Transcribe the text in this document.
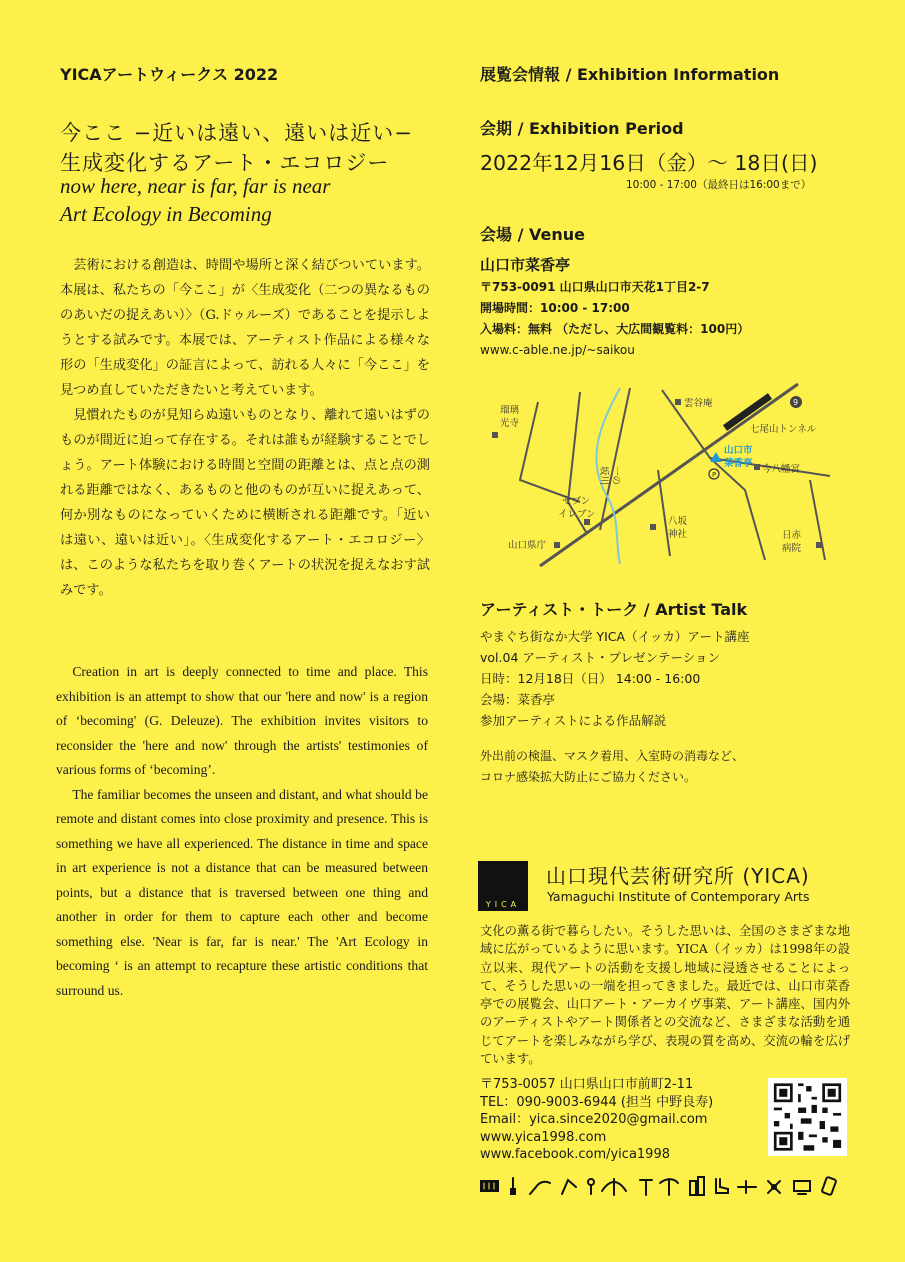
YICAアートウィークス 2022
今ここ −近いは遠い、遠いは近い−
生成変化するアート・エコロジー
now here, near is far, far is near
Art Ecology in Becoming

芸術における創造は、時間や場所と深く結びついています。本展は、私たちの「今ここ」が〈生成変化（二つの異なるもののあいだの捉えあい）〉（G.ドゥルーズ）であることを提示しようとする試みです。本展では、アーティスト作品による様々な形の「生成変化」の証言によって、訪れる人々に「今ここ」を見つめ直していただきたいと考えています。

見慣れたものが見知らぬ遠いものとなり、離れて遠いはずのものが間近に迫って存在する。それは誰もが経験することでしょう。アート体験における時間と空間の距離とは、点と点の測れる距離ではなく、あるものと他のものが互いに捉えあって、何か別なものになっていくために横断される距離です。「近いは遠い、遠いは近い」。〈生成変化するアート・エコロジー〉は、このような私たちを取り巻くアートの状況を捉えなおす試みです。

Creation in art is deeply connected to time and place. This exhibition is an attempt to show that our 'here and now' is a region of ‘becoming' (G. Deleuze). The exhibition invites visitors to reconsider the 'here and now' through the artists' testimonies of various forms of ‘becoming’.

The familiar becomes the unseen and distant, and what should be remote and distant comes into close proximity and presence. This is something we have all experienced. The distance in time and space in art experience is not a distance that can be measured between points, but a distance that is traversed between one thing and another in order for them to capture each other and become something else. 'Near is far, far is near.' The 'Art Ecology in becoming ‘ is an attempt to recapture these artistic conditions that surround us.

展覧会情報 / Exhibition Information
会期 / Exhibition Period
2022年12月16日（金）〜 18日(日)
10:00 - 17:00（最終日は16:00まで）
会場 / Venue
山口市菜香亭
〒753-0091 山口県山口市天花1丁目2-7
開場時間：10:00 - 17:00
入場料：無料 （ただし、大広間観覧料：100円）
www.c-able.ne.jp/~saikou
P
9
瑠璃
光寺
雲谷庵
七尾山トンネル
一の
坂川	今八幡宮
セブン
イレブン
八坂
神社
山口県庁
日赤
病院
山口市
菜香亭
アーティスト・トーク / Artist Talk
やまぐち街なか大学 YICA（イッカ）アート講座
vol.04 アーティスト・プレゼンテーション
日時：12月18日（日） 14:00 - 16:00
会場：菜香亭
参加アーティストによる作品解説
外出前の検温、マスク着用、入室時の消毒など、
コロナ感染拡大防止にご協力ください。
YICA
山口現代芸術研究所 (YICA)
Yamaguchi Institute of Contemporary Arts
文化の薫る街で暮らしたい。そうした思いは、全国のさまざまな地域に広がっているように思います。YICA（イッカ）は1998年の設立以来、現代アートの活動を支援し地域に浸透させることによって、そうした思いの一端を担ってきました。最近では、山口市菜香亭での展覧会、山口アート・アーカイヴ事業、アート講座、国内外のアーティストやアート関係者との交流など、さまざまな活動を通じてアートを楽しみながら学び、表現の質を高め、交流の輪を広げています。
〒753-0057 山口県山口市前町2-11
TEL：090-9003-6944 (担当 中野良寿)
Email：yica.since2020@gmail.com
www.yica1998.com
www.facebook.com/yica1998
